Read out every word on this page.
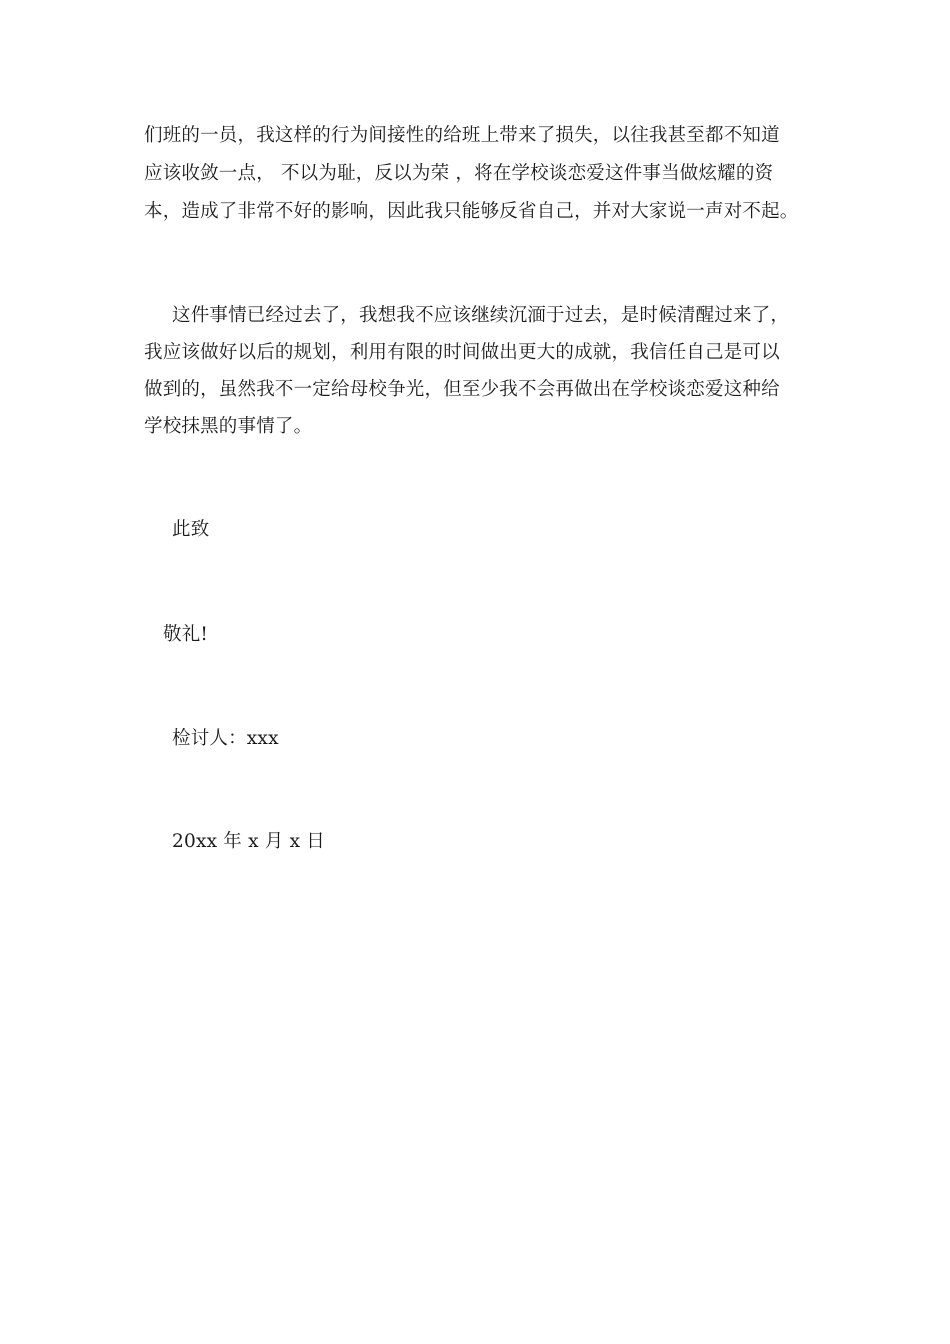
们班的一员，我这样的行为间接性的给班上带来了损失，以往我甚至都不知道
应该收敛一点， 不以为耻，反以为荣 ，将在学校谈恋爱这件事当做炫耀的资
本，造成了非常不好的影响，因此我只能够反省自己，并对大家说一声对不起。
这件事情已经过去了，我想我不应该继续沉湎于过去，是时候清醒过来了，
我应该做好以后的规划，利用有限的时间做出更大的成就，我信任自己是可以
做到的，虽然我不一定给母校争光，但至少我不会再做出在学校谈恋爱这种给
学校抹黑的事情了。
此致
敬礼!
检讨人：xxx
20xx 年 x 月 x 日
